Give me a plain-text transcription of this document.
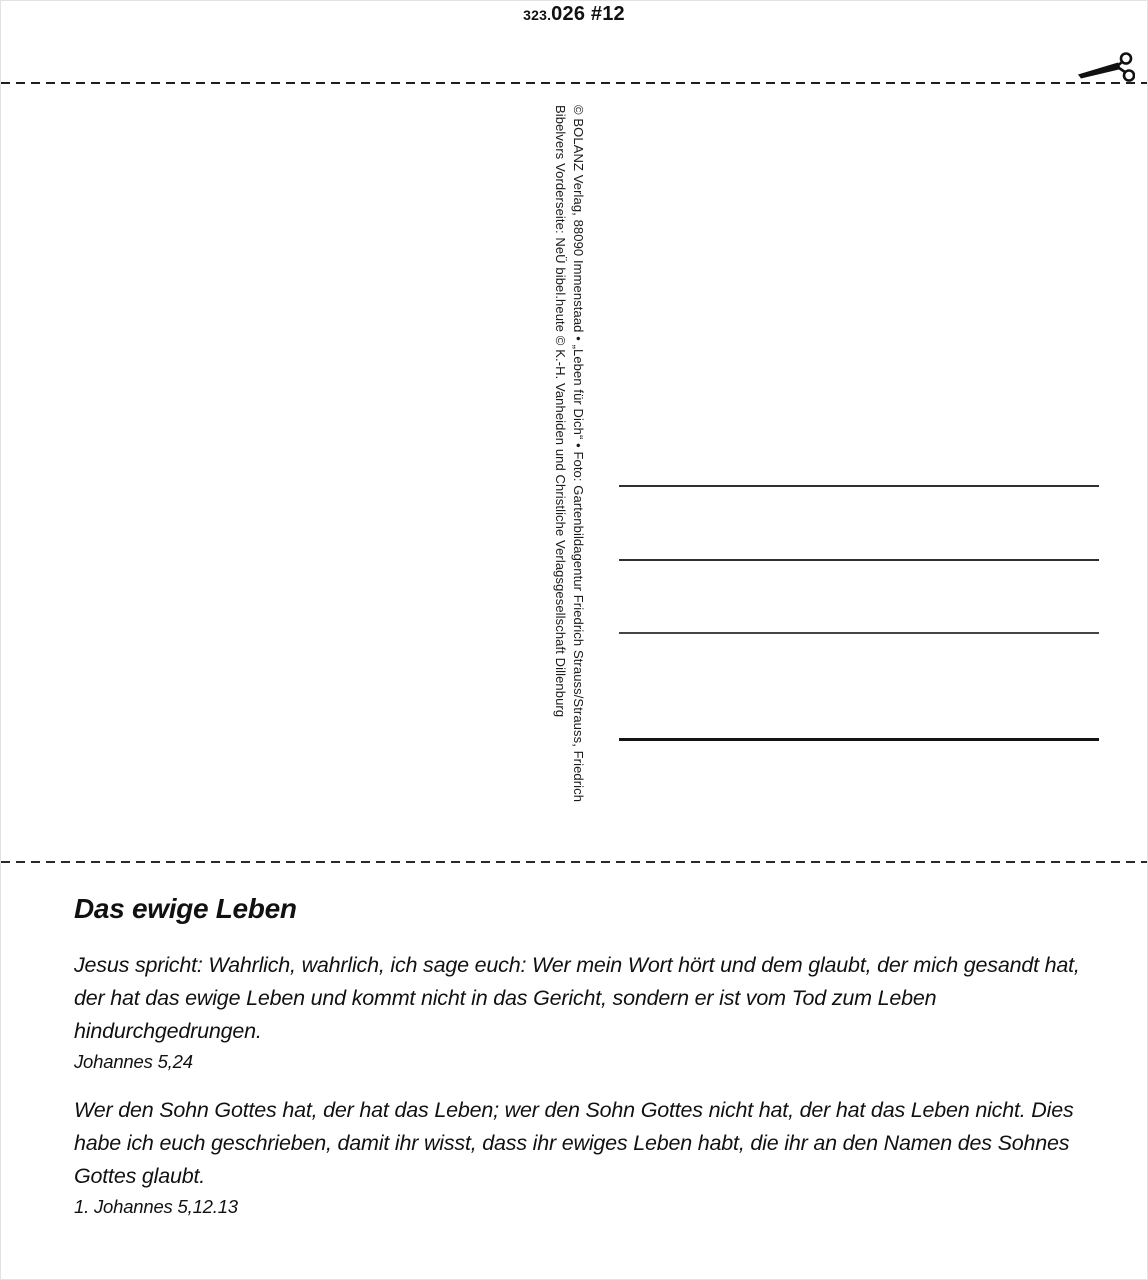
323.026 #12
© BOLANZ Verlag, 88090 Immenstaad • „Leben für Dich“ • Foto: Gartenbildagentur Friedrich Strauss/Strauss, Friedrich
Bibelvers Vorderseite: NeÜ bibel.heute © K.-H. Vanheiden und Christliche Verlagsgesellschaft Dillenburg
Das ewige Leben

Jesus spricht: Wahrlich, wahrlich, ich sage euch: Wer mein Wort hört und dem glaubt, der mich gesandt hat, der hat das ewige Leben und kommt nicht in das Gericht, sondern er ist vom Tod zum Leben hindurchgedrungen.

Johannes 5,24

Wer den Sohn Gottes hat, der hat das Leben; wer den Sohn Gottes nicht hat, der hat das Leben nicht. Dies habe ich euch geschrieben, damit ihr wisst, dass ihr ewiges Leben habt, die ihr an den Namen des Sohnes Gottes glaubt.

1. Johannes 5,12.13
